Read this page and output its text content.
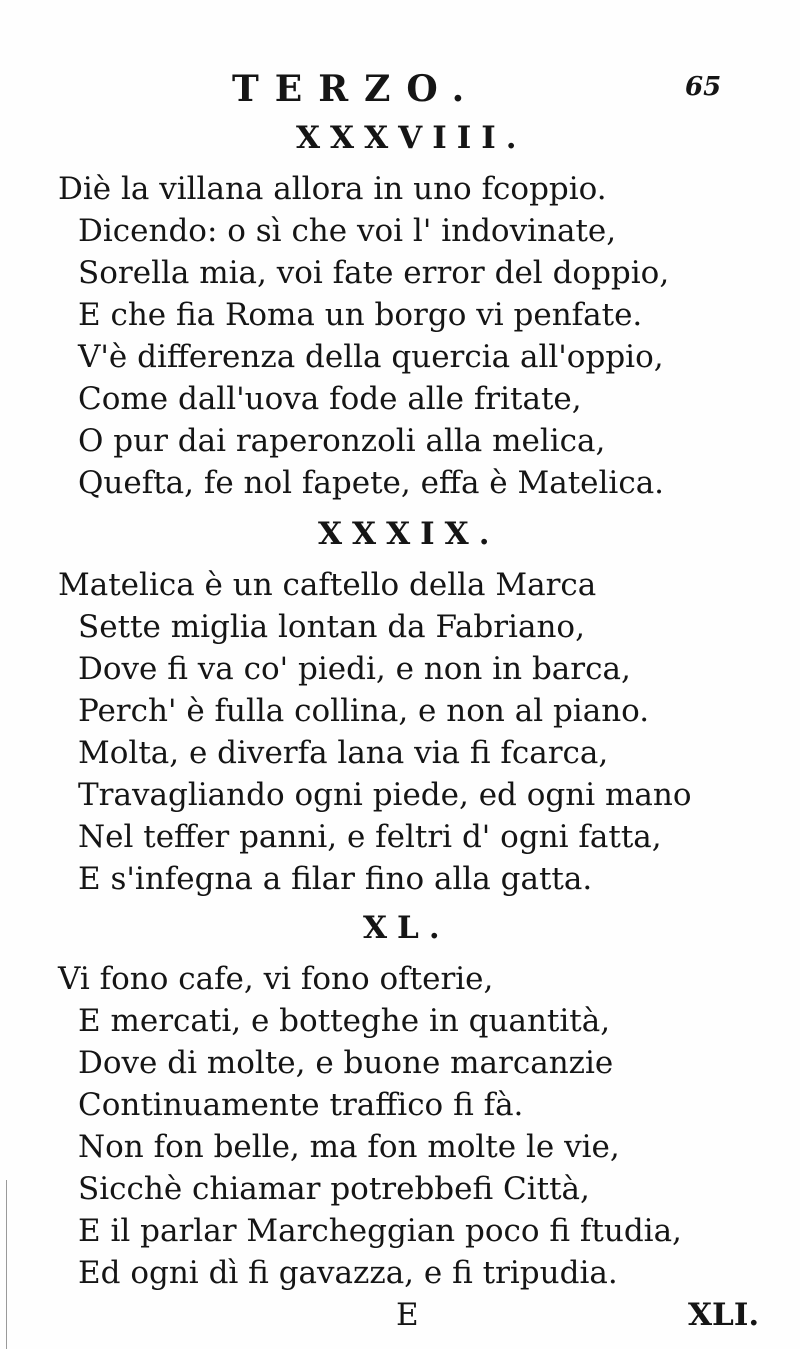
TERZO.	65
XXXVIII.
Diè la villana allora in uno fcoppio.
Dicendo: o sì che voi l' indovinate,
Sorella mia, voi fate error del doppio,
E che fia Roma un borgo vi penfate.
V'è differenza della quercia all'oppio,
Come dall'uova fode alle fritate,
O pur dai raperonzoli alla melica,
Quefta, fe nol fapete, effa è Matelica.
XXXIX.
Matelica è un caftello della Marca
Sette miglia lontan da Fabriano,
Dove fi va co' piedi, e non in barca,
Perch' è fulla collina, e non al piano.
Molta, e diverfa lana via fi fcarca,
Travagliando ogni piede, ed ogni mano
Nel teffer panni, e feltri d' ogni fatta,
E s'infegna a filar fino alla gatta.
XL.
Vi fono cafe, vi fono ofterie,
E mercati, e botteghe in quantità,
Dove di molte, e buone marcanzie
Continuamente traffico fi fà.
Non fon belle, ma fon molte le vie,
Sicchè chiamar potrebbefi Città,
E il parlar Marcheggian poco fi ftudia,
Ed ogni dì fi gavazza, e fi tripudia.
E	XLI.
